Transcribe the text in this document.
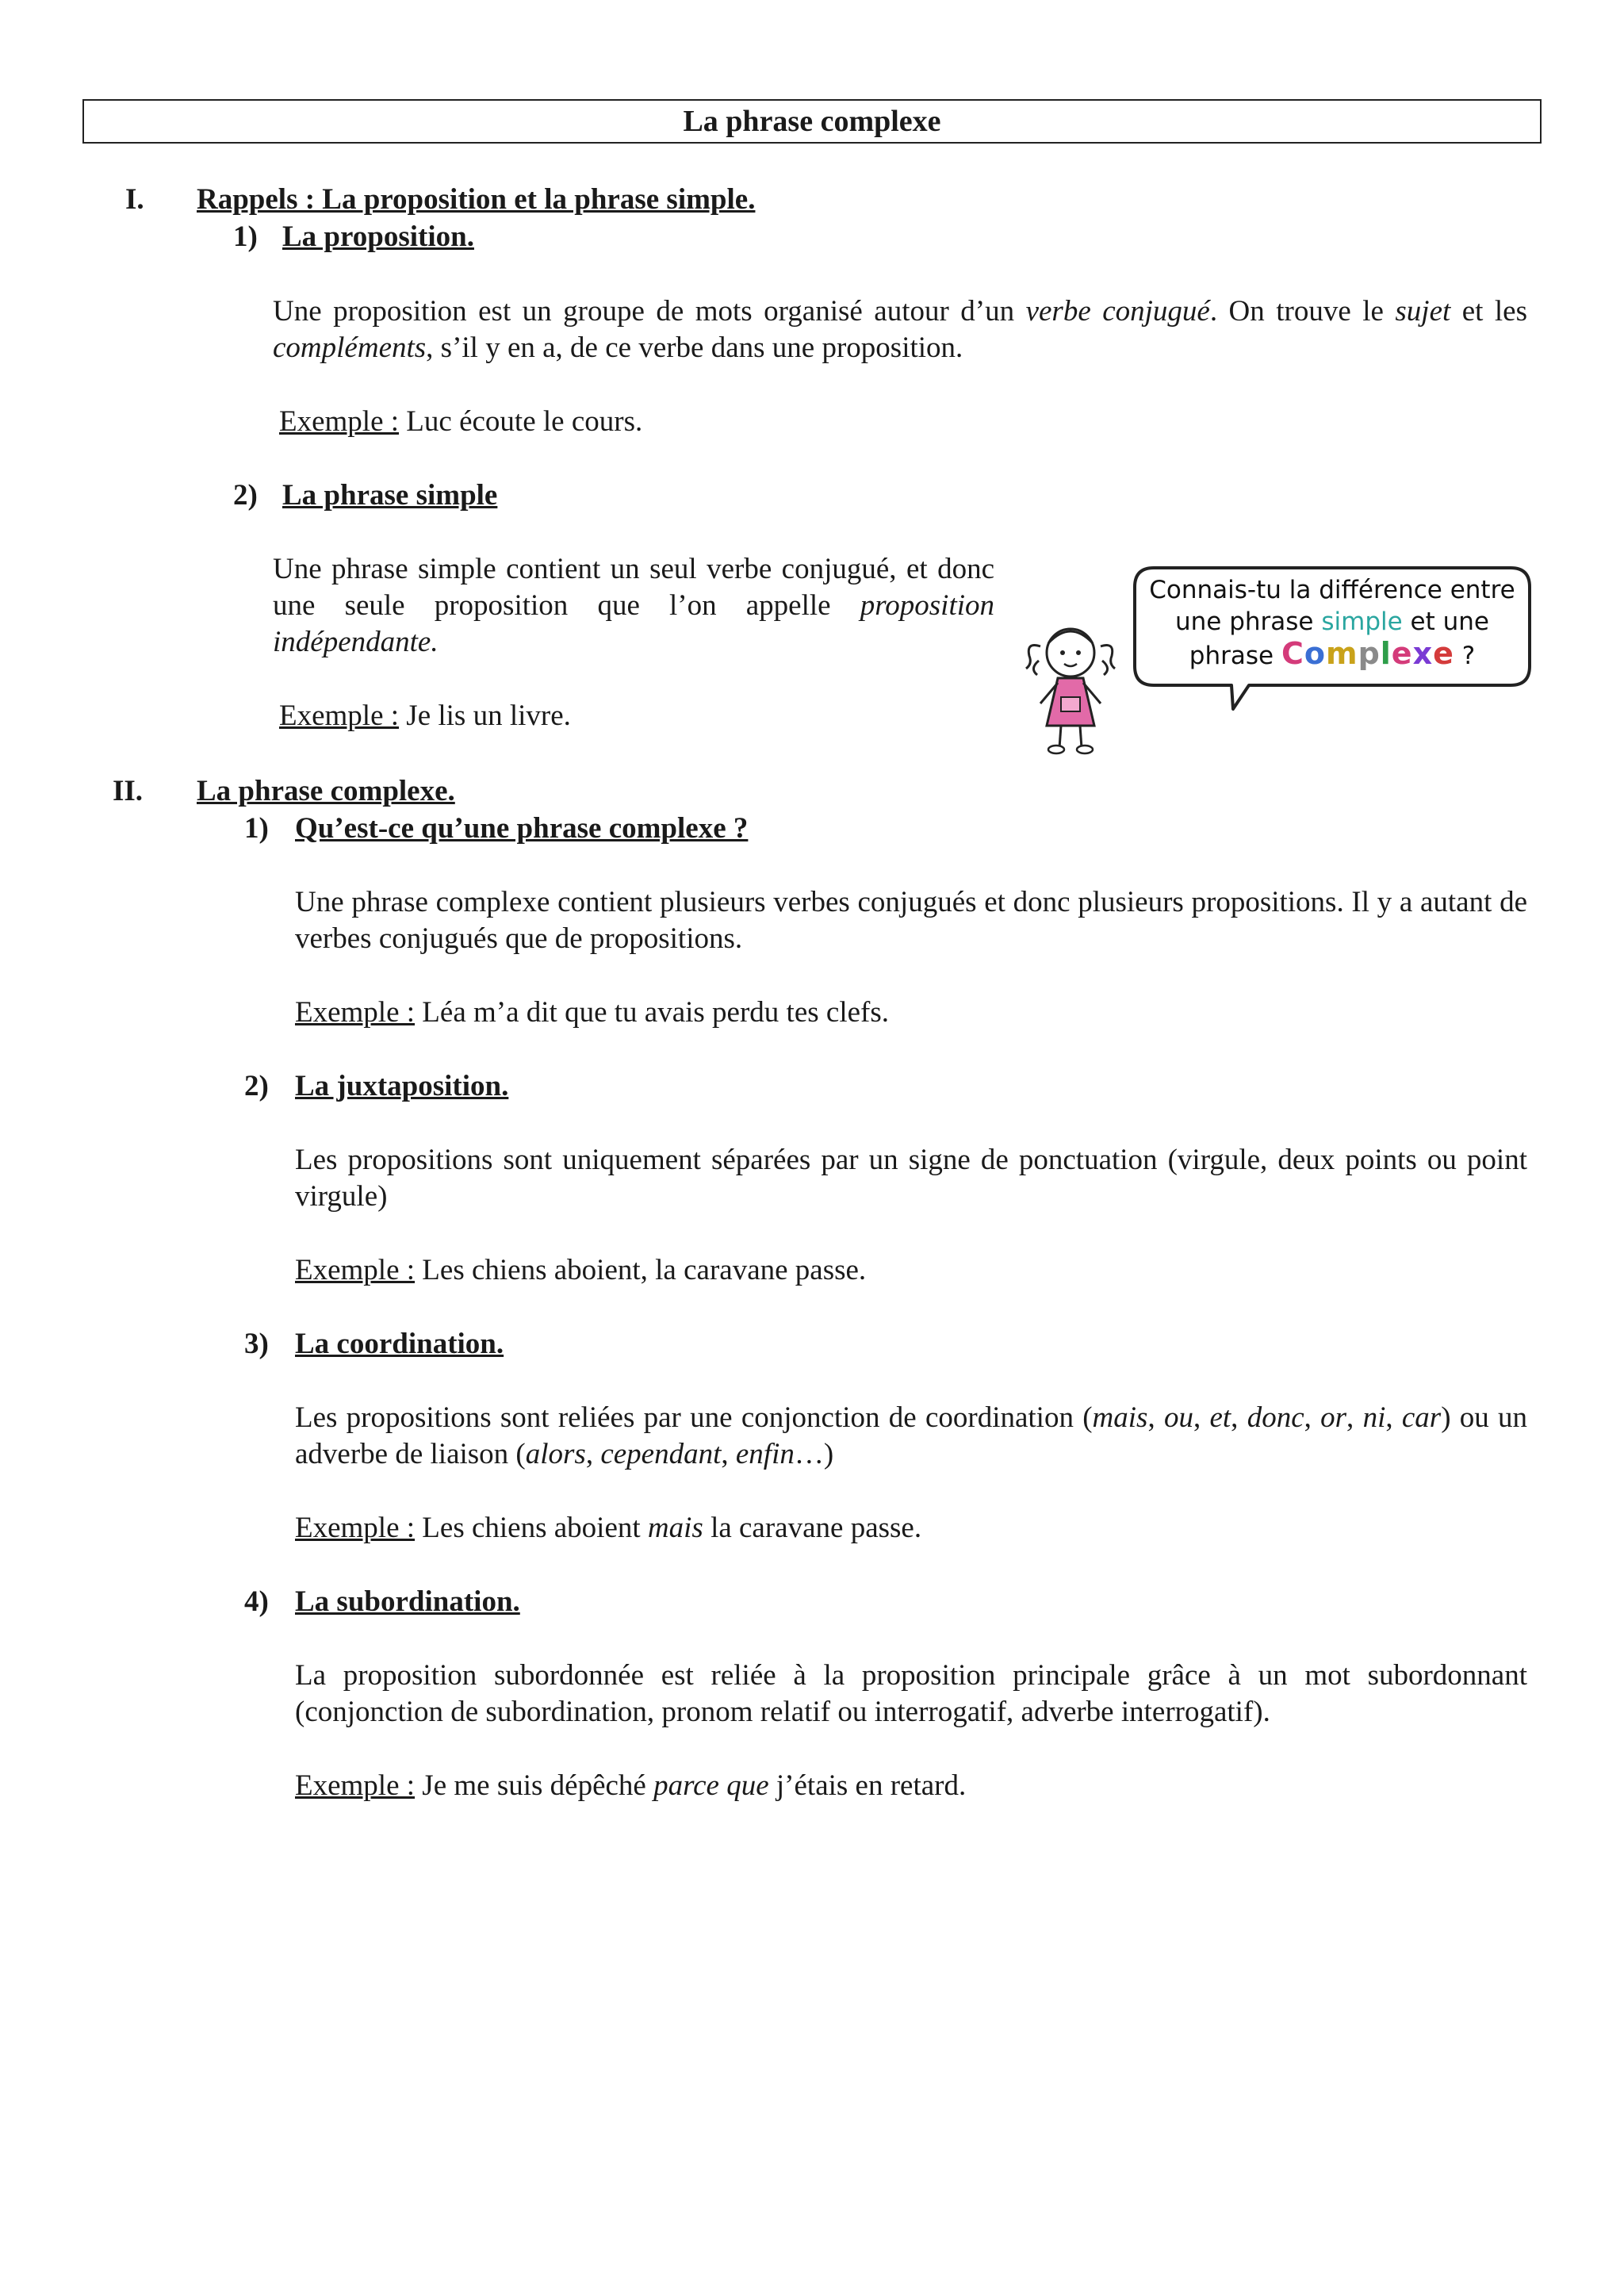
La phrase complexe
I. Rappels : La proposition et la phrase simple.
1) La proposition.
Une proposition est un groupe de mots organisé autour d’un verbe conjugué. On trouve le sujet et les compléments, s’il y en a, de ce verbe dans une proposition.
Exemple : Luc écoute le cours.
2) La phrase simple
Une phrase simple contient un seul verbe conjugué, et donc une seule proposition que l’on appelle proposition indépendante.
Exemple : Je lis un livre.
Connais-tu la différence entre
une phrase simple et une
phrase Complexe ?
II. La phrase complexe.
1) Qu’est-ce qu’une phrase complexe ?
Une phrase complexe contient plusieurs verbes conjugués et donc plusieurs propositions. Il y a autant de verbes conjugués que de propositions.
Exemple : Léa m’a dit que tu avais perdu tes clefs.
2) La juxtaposition.
Les propositions sont uniquement séparées par un signe de ponctuation (virgule, deux points ou point virgule)
Exemple : Les chiens aboient, la caravane passe.
3) La coordination.
Les propositions sont reliées par une conjonction de coordination (mais, ou, et, donc, or, ni, car) ou un adverbe de liaison (alors, cependant, enfin…)
Exemple : Les chiens aboient mais la caravane passe.
4) La subordination.
La proposition subordonnée est reliée à la proposition principale grâce à un mot subordonnant (conjonction de subordination, pronom relatif ou interrogatif, adverbe interrogatif).
Exemple : Je me suis dépêché parce que j’étais en retard.
